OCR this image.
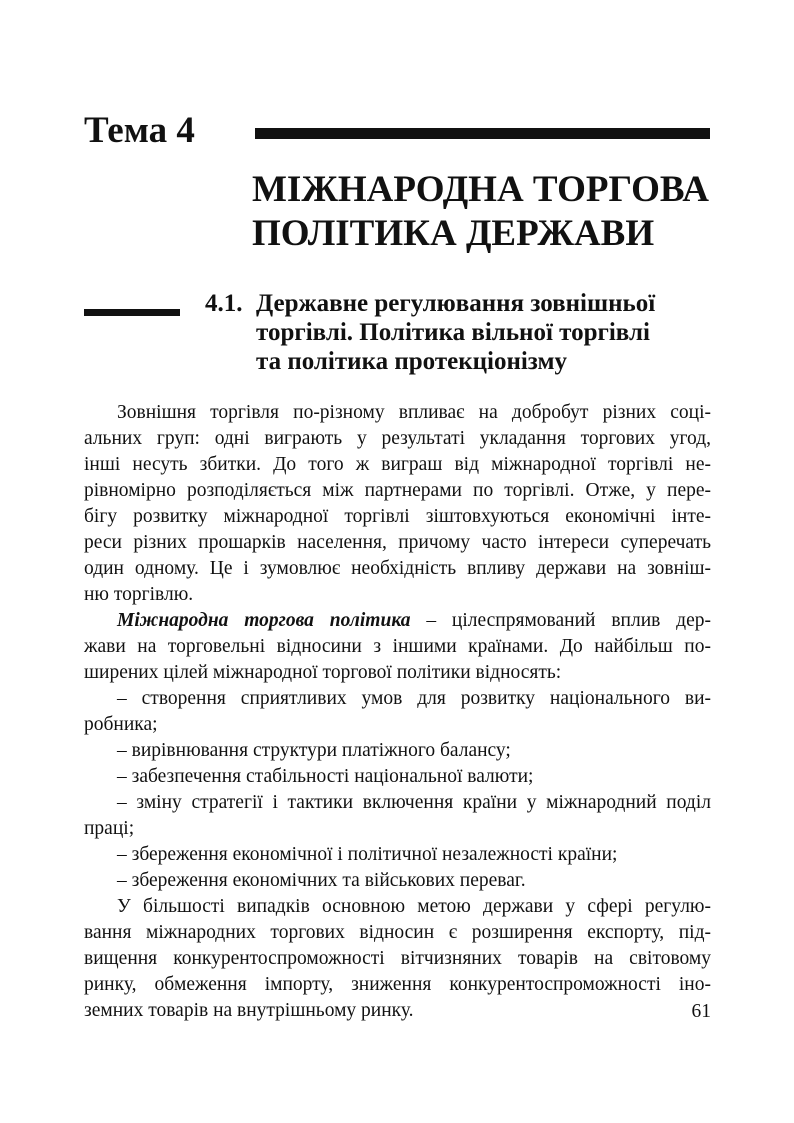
Тема 4
МІЖНАРОДНА ТОРГОВА
ПОЛІТИКА ДЕРЖАВИ
4.1. Державне регулювання зовнішньої
торгівлі. Політика вільної торгівлі
та політика протекціонізму
Зовнішня торгівля по-різному впливає на добробут різних соці-
альних груп: одні виграють у результаті укладання торгових угод,
інші несуть збитки. До того ж виграш від міжнародної торгівлі не-
рівномірно розподіляється між партнерами по торгівлі. Отже, у пере-
бігу розвитку міжнародної торгівлі зіштовхуються економічні інте-
реси різних прошарків населення, причому часто інтереси суперечать
один одному. Це і зумовлює необхідність впливу держави на зовніш-
ню торгівлю.
Міжнародна торгова політика – цілеспрямований вплив дер-
жави на торговельні відносини з іншими країнами. До найбільш по-
ширених цілей міжнародної торгової політики відносять:
– створення сприятливих умов для розвитку національного ви-
робника;
– вирівнювання структури платіжного балансу;
– забезпечення стабільності національної валюти;
– зміну стратегії і тактики включення країни у міжнародний поділ
праці;
– збереження економічної і політичної незалежності країни;
– збереження економічних та військових переваг.
У більшості випадків основною метою держави у сфері регулю-
вання міжнародних торгових відносин є розширення експорту, під-
вищення конкурентоспроможності вітчизняних товарів на світовому
ринку, обмеження імпорту, зниження конкурентоспроможності іно-
земних товарів на внутрішньому ринку.	61
